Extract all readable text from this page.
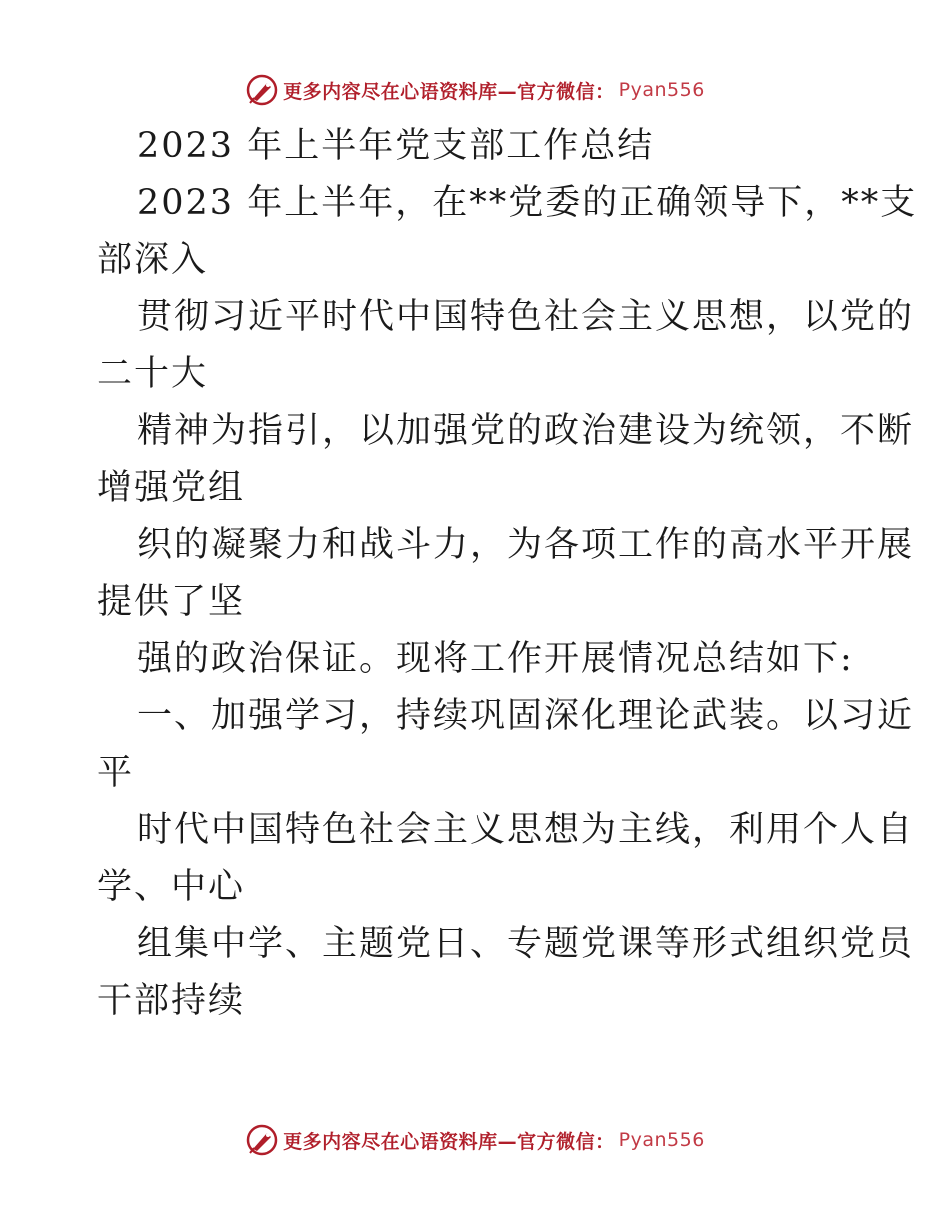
更多内容尽在心语资料库—官方微信： Pyan556
2023 年上半年党支部工作总结
2023 年上半年，在**党委的正确领导下，**支
部深入
贯彻习近平时代中国特色社会主义思想，以党的
二十大
精神为指引，以加强党的政治建设为统领，不断
增强党组
织的凝聚力和战斗力，为各项工作的高水平开展
提供了坚
强的政治保证。现将工作开展情况总结如下:
一、加强学习，持续巩固深化理论武装。以习近
平
时代中国特色社会主义思想为主线，利用个人自
学、中心
组集中学、主题党日、专题党课等形式组织党员
干部持续
更多内容尽在心语资料库—官方微信： Pyan556
